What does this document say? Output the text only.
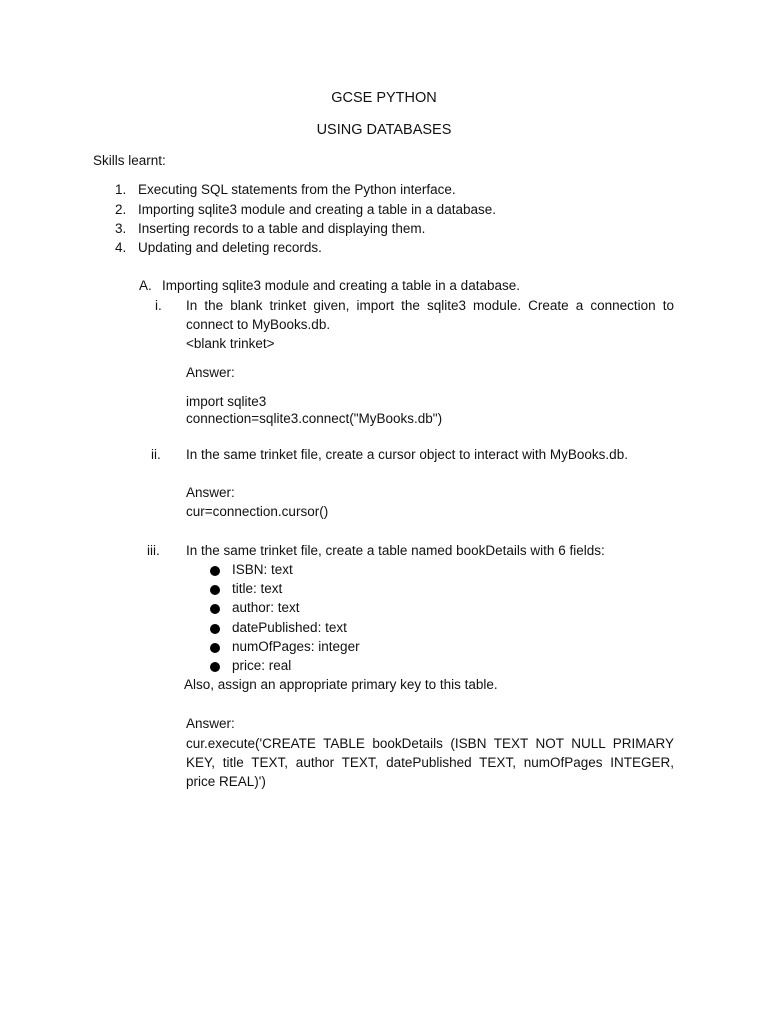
GCSE PYTHON
USING DATABASES
Skills learnt:
1. Executing SQL statements from the Python interface.
2. Importing sqlite3 module and creating a table in a database.
3. Inserting records to a table and displaying them.
4. Updating and deleting records.
A. Importing sqlite3 module and creating a table in a database.
i. In the blank trinket given, import the sqlite3 module. Create a connection to connect to MyBooks.db.
<blank trinket>
Answer:
import sqlite3
connection=sqlite3.connect("MyBooks.db")
ii. In the same trinket file, create a cursor object to interact with MyBooks.db.
Answer:
cur=connection.cursor()
iii. In the same trinket file, create a table named bookDetails with 6 fields:
ISBN: text
title: text
author: text
datePublished: text
numOfPages: integer
price: real
Also, assign an appropriate primary key to this table.
Answer:
cur.execute('CREATE TABLE bookDetails (ISBN TEXT NOT NULL PRIMARY KEY, title TEXT, author TEXT, datePublished TEXT, numOfPages INTEGER, price REAL)')
